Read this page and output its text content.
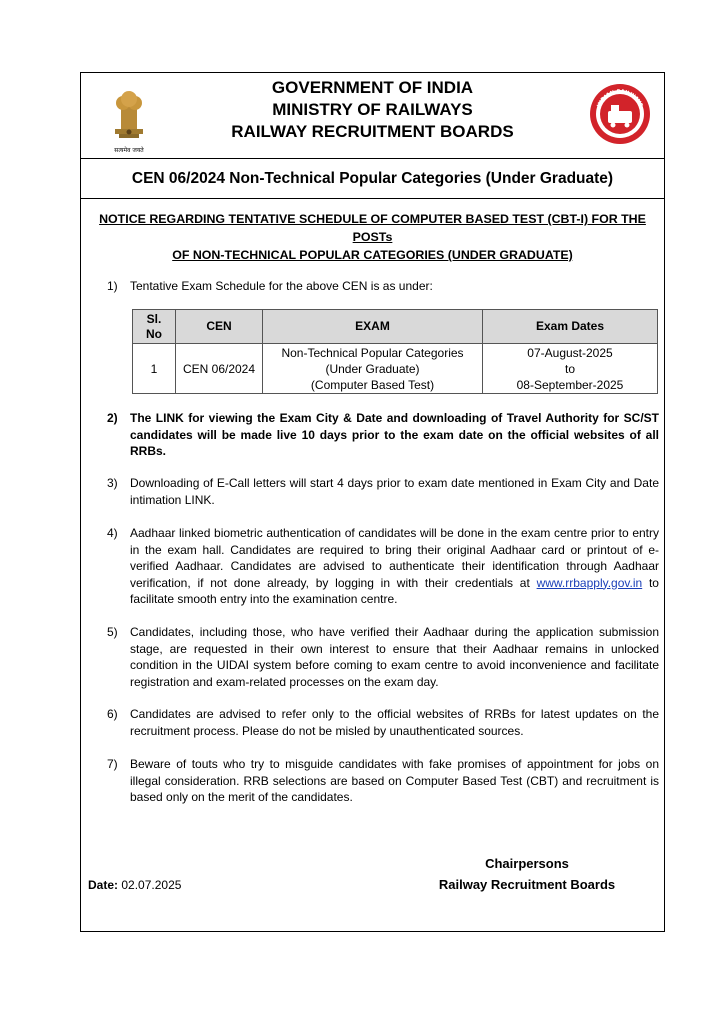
सत्यमेव जयते
GOVERNMENT OF INDIA
MINISTRY OF RAILWAYS
RAILWAY RECRUITMENT BOARDS
INDIAN RAILWAYS
CEN 06/2024 Non-Technical Popular Categories (Under Graduate)
NOTICE REGARDING TENTATIVE SCHEDULE OF COMPUTER BASED TEST (CBT-I) FOR THE POSTs
OF NON-TECHNICAL POPULAR CATEGORIES (UNDER GRADUATE)
1)	Tentative Exam Schedule for the above CEN is as under:
Sl.
No	CEN	EXAM	Exam Dates
1	CEN 06/2024	Non-Technical Popular Categories
(Under Graduate)
(Computer Based Test)	07-August-2025
to
08-September-2025
2)	The LINK for viewing the Exam City & Date and downloading of Travel Authority for SC/ST candidates will be made live 10 days prior to the exam date on the official websites of all RRBs.
3)	Downloading of E-Call letters will start 4 days prior to exam date mentioned in Exam City and Date intimation LINK.
4)	Aadhaar linked biometric authentication of candidates will be done in the exam centre prior to entry in the exam hall. Candidates are required to bring their original Aadhaar card or printout of e-verified Aadhaar. Candidates are advised to authenticate their identification through Aadhaar verification, if not done already, by logging in with their credentials at www.rrbapply.gov.in to facilitate smooth entry into the examination centre.
5)	Candidates, including those, who have verified their Aadhaar during the application submission stage, are requested in their own interest to ensure that their Aadhaar remains in unlocked condition in the UIDAI system before coming to exam centre to avoid inconvenience and facilitate registration and exam-related processes on the exam day.
6)	Candidates are advised to refer only to the official websites of RRBs for latest updates on the recruitment process. Please do not be misled by unauthenticated sources.
7)	Beware of touts who try to misguide candidates with fake promises of appointment for jobs on illegal consideration. RRB selections are based on Computer Based Test (CBT) and recruitment is based only on the merit of the candidates.
Chairpersons
Railway Recruitment Boards
Date: 02.07.2025
